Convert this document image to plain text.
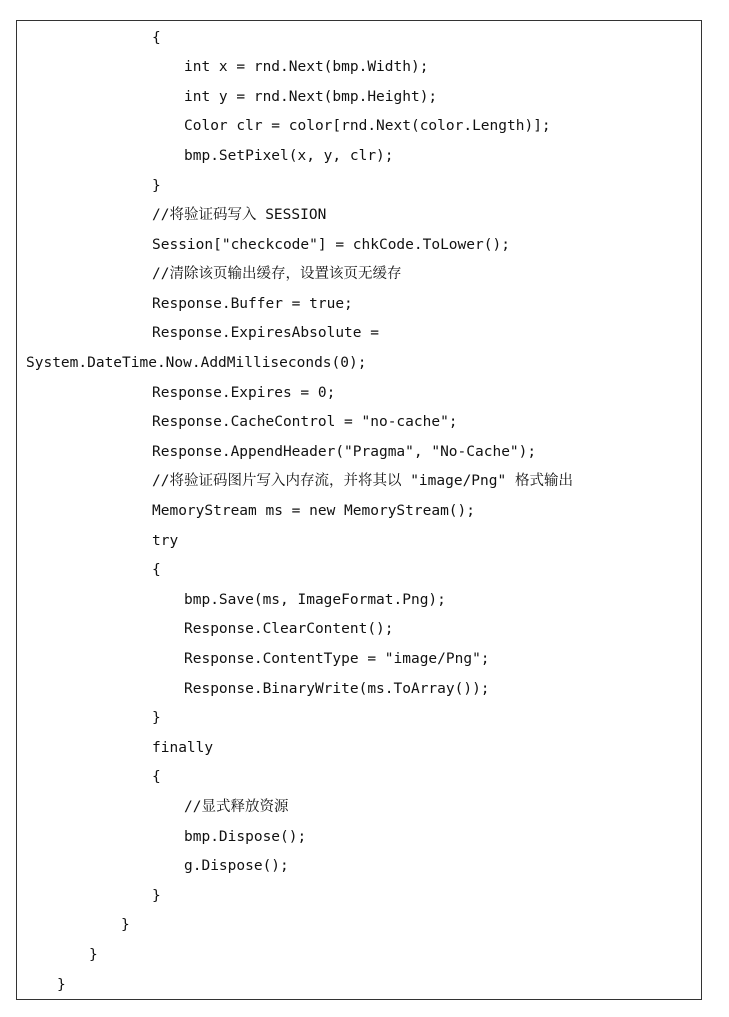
{
int x = rnd.Next(bmp.Width);
int y = rnd.Next(bmp.Height);
Color clr = color[rnd.Next(color.Length)];
bmp.SetPixel(x, y, clr);
}
//将验证码写入 SESSION
Session["checkcode"] = chkCode.ToLower();
//清除该页输出缓存，设置该页无缓存
Response.Buffer = true;
Response.ExpiresAbsolute =
System.DateTime.Now.AddMilliseconds(0);
Response.Expires = 0;
Response.CacheControl = "no-cache";
Response.AppendHeader("Pragma", "No-Cache");
//将验证码图片写入内存流，并将其以 "image/Png" 格式输出
MemoryStream ms = new MemoryStream();
try
{
bmp.Save(ms, ImageFormat.Png);
Response.ClearContent();
Response.ContentType = "image/Png";
Response.BinaryWrite(ms.ToArray());
}
finally
{
//显式释放资源
bmp.Dispose();
g.Dispose();
}
}
}
}
